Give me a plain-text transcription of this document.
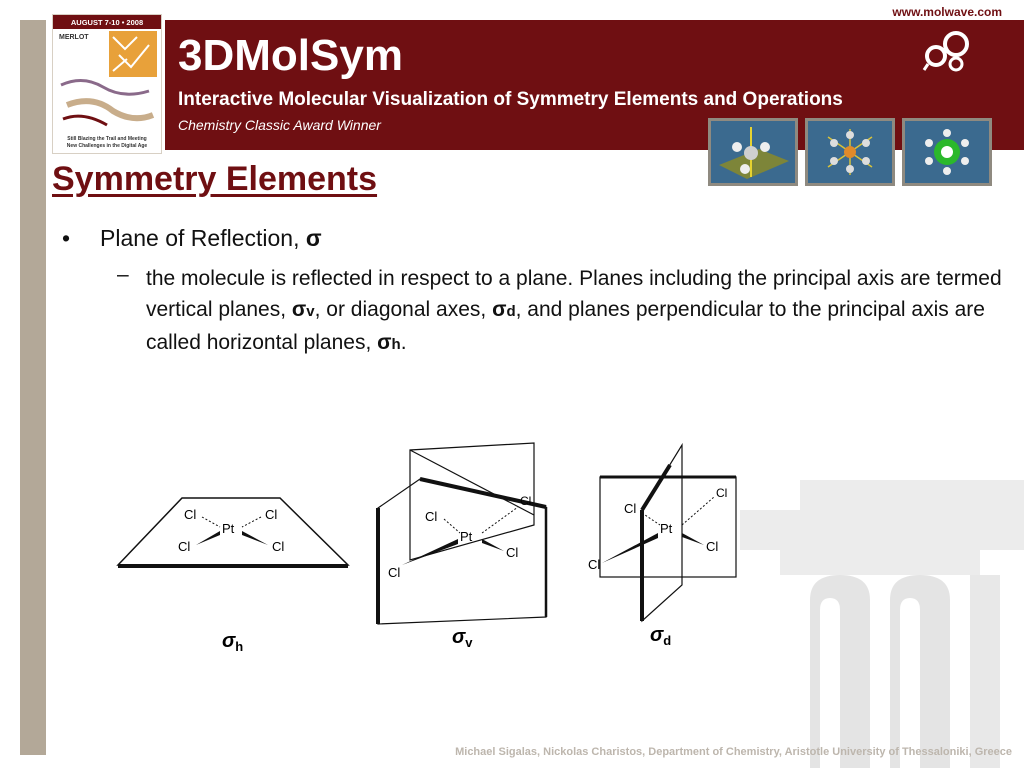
AUGUST 7-10 • 2008
MERLOT
Still Blazing the Trail and Meeting
New Challenges in the Digital Age
www.molwave.com
3DMolSym
Interactive Molecular Visualization of Symmetry Elements and Operations
Chemistry Classic Award Winner
Symmetry Elements
• Plane of Reflection, σ
– the molecule is reflected in respect to a plane. Planes including the principal axis are termed vertical planes, σv, or diagonal axes, σd, and planes perpendicular to the principal axis are called horizontal planes, σh.
Cl	Cl
Pt
Cl	Cl
$\sigma_h$
Cl
Pt
Cl
Cl
Cl
$\sigma_v$
Cl
Pt
Cl
Cl
Cl
$\sigma_d$
Michael Sigalas, Nickolas Charistos, Department of Chemistry, Aristotle University of Thessaloniki, Greece
